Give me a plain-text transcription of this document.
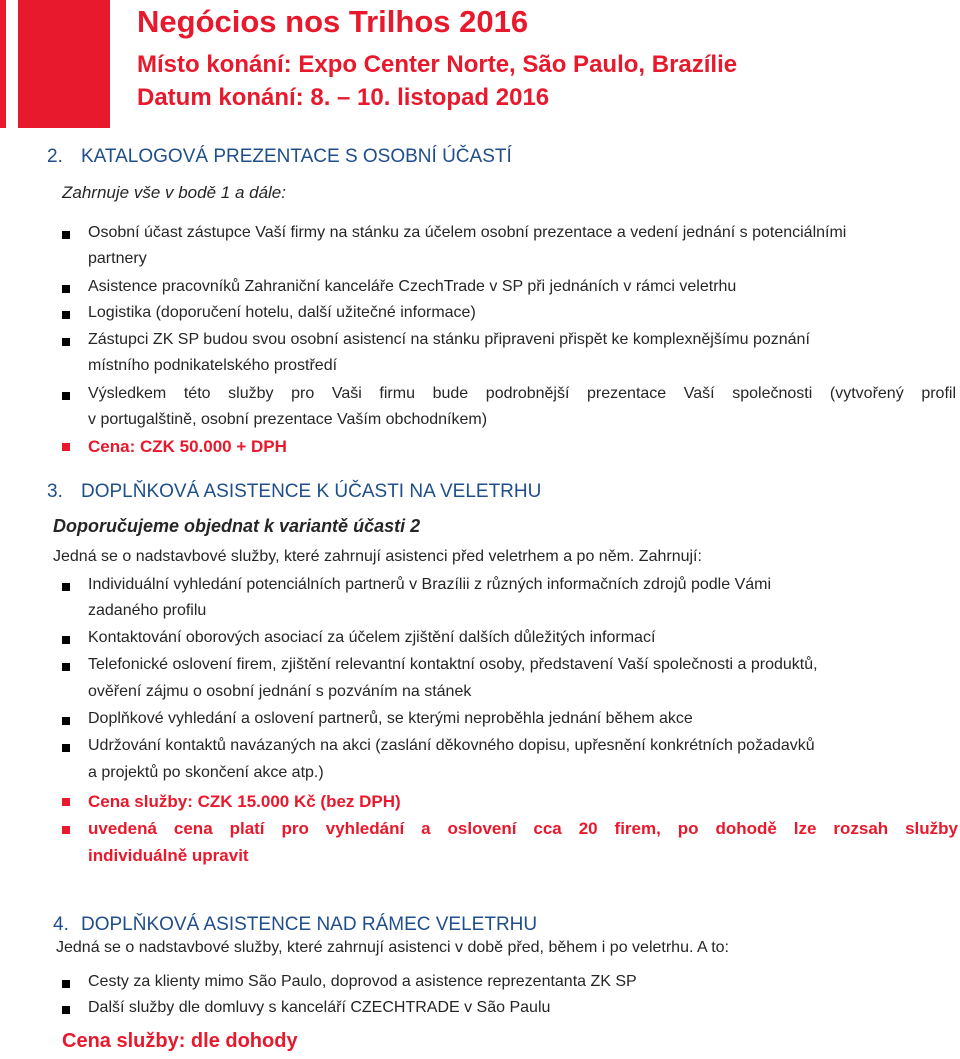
Negócios nos Trilhos 2016
Místo konání: Expo Center Norte, São Paulo, Brazílie
Datum konání: 8. – 10. listopad 2016
2. KATALOGOVÁ PREZENTACE S OSOBNÍ ÚČASTÍ
Zahrnuje vše v bodě 1 a dále:
Osobní účast zástupce Vaší firmy na stánku za účelem osobní prezentace a vedení jednání s potenciálními
partnery
Asistence pracovníků Zahraniční kanceláře CzechTrade v SP při jednáních v rámci veletrhu
Logistika (doporučení hotelu, další užitečné informace)
Zástupci ZK SP budou svou osobní asistencí na stánku připraveni přispět ke komplexnějšímu poznání
místního podnikatelského prostředí
Výsledkem této služby pro Vaši firmu bude podrobnější prezentace Vaší společnosti (vytvořený profil
v portugalštině, osobní prezentace Vaším obchodníkem)
Cena: CZK 50.000 + DPH
3. DOPLŇKOVÁ ASISTENCE K ÚČASTI NA VELETRHU
Doporučujeme objednat k variantě účasti 2
Jedná se o nadstavbové služby, které zahrnují asistenci před veletrhem a po něm. Zahrnují:
Individuální vyhledání potenciálních partnerů v Brazílii z různých informačních zdrojů podle Vámi
zadaného profilu
Kontaktování oborových asociací za účelem zjištění dalších důležitých informací
Telefonické oslovení firem, zjištění relevantní kontaktní osoby, představení Vaší společnosti a produktů,
ověření zájmu o osobní jednání s pozváním na stánek
Doplňkové vyhledání a oslovení partnerů, se kterými neproběhla jednání během akce
Udržování kontaktů navázaných na akci (zaslání děkovného dopisu, upřesnění konkrétních požadavků
a projektů po skončení akce atp.)
Cena služby: CZK 15.000 Kč (bez DPH)
uvedená cena platí pro vyhledání a oslovení cca 20 firem, po dohodě lze rozsah služby
individuálně upravit
4. DOPLŇKOVÁ ASISTENCE NAD RÁMEC VELETRHU
Jedná se o nadstavbové služby, které zahrnují asistenci v době před, během i po veletrhu. A to:
Cesty za klienty mimo São Paulo, doprovod a asistence reprezentanta ZK SP
Další služby dle domluvy s kanceláří CZECHTRADE v São Paulu
Cena služby: dle dohody
